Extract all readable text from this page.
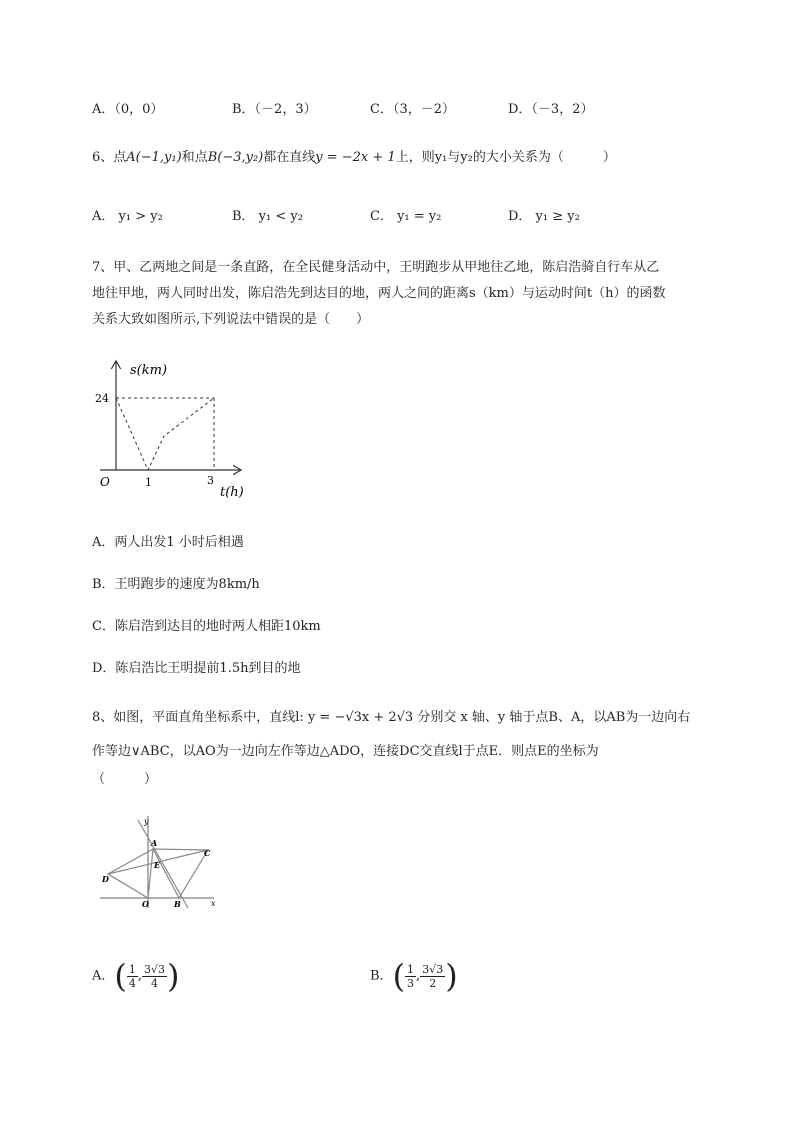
A．（0，0）	B．（－2，3）	C．（3，－2）	D．（－3，2）
6、点A(−1,y₁)和点B(−3,y₂)都在直线y = −2x + 1上，则y₁与y₂的大小关系为（　　　）
A． y₁ > y₂	B． y₁ < y₂	C． y₁ = y₂	D． y₁ ≥ y₂
7、甲、乙两地之间是一条直路，在全民健身活动中，王明跑步从甲地往乙地，陈启浩骑自行车从乙
地往甲地，两人同时出发，陈启浩先到达目的地，两人之间的距离s（km）与运动时间t（h）的函数
关系大致如图所示,下列说法中错误的是（　　）
s(km)
t(h)
24
O	1	3
A．两人出发1 小时后相遇
B．王明跑步的速度为8km/h
C．陈启浩到达目的地时两人相距10km
D．陈启浩比王明提前1.5h到目的地
8、如图，平面直角坐标系中，直线l: y = −√3x + 2√3 分别交 x 轴、y 轴于点B、A，以AB为一边向右
作等边∨ABC，以AO为一边向左作等边△ADO，连接DC交直线l于点E．则点E的坐标为
（　　　）
y
x
A
B
C
D
E
O
A．( $\frac{1}{4}$ , $\frac{3√3}{4}$ )	B．( $\frac{1}{3}$ , $\frac{3√3}{2}$ )
